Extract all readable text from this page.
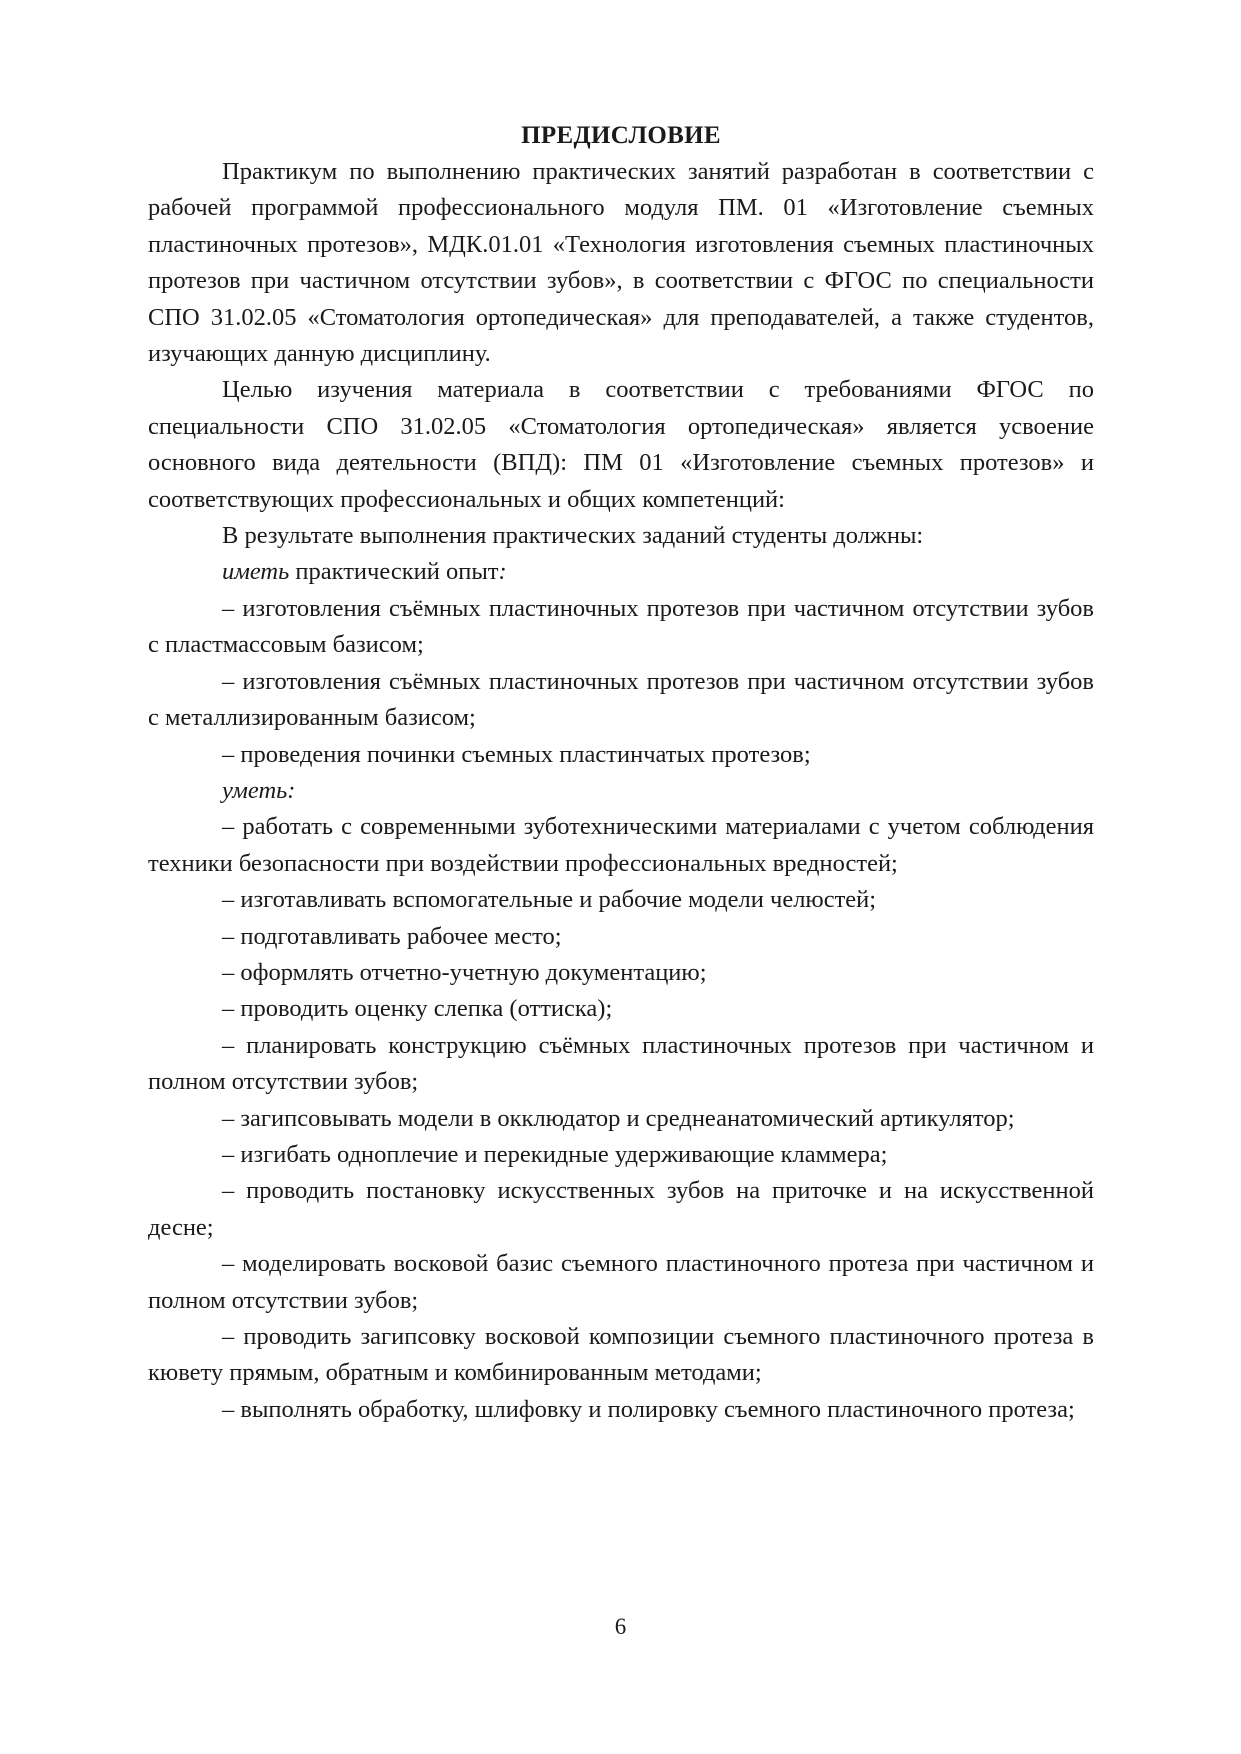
ПРЕДИСЛОВИЕ

Практикум по выполнению практических занятий разработан в соответствии с рабочей программой профессионального модуля ПМ. 01 «Изготовление съемных пластиночных протезов», МДК.01.01 «Технология изготовления съемных пластиночных протезов при частичном отсутствии зубов», в соответствии с ФГОС по специальности СПО 31.02.05 «Стоматология ортопедическая» для преподавателей, а также студентов, изучающих данную дисциплину.

Целью изучения материала в соответствии с требованиями ФГОС по специальности СПО 31.02.05 «Стоматология ортопедическая» является усвоение основного вида деятельности (ВПД): ПМ 01 «Изготовление съемных протезов» и соответствующих профессиональных и общих компетенций:

В результате выполнения практических заданий студенты должны:

иметь практический опыт:

– изготовления съёмных пластиночных протезов при частичном отсутствии зубов с пластмассовым базисом;

– изготовления съёмных пластиночных протезов при частичном отсутствии зубов с металлизированным базисом;

– проведения починки съемных пластинчатых протезов;

уметь:

– работать с современными зуботехническими материалами с учетом соблюдения техники безопасности при воздействии профессиональных вредностей;

– изготавливать вспомогательные и рабочие модели челюстей;

– подготавливать рабочее место;

– оформлять отчетно-учетную документацию;

– проводить оценку слепка (оттиска);

– планировать конструкцию съёмных пластиночных протезов при частичном и полном отсутствии зубов;

– загипсовывать модели в окклюдатор и среднеанатомический артикулятор;

– изгибать одноплечие и перекидные удерживающие кламмера;

– проводить постановку искусственных зубов на приточке и на искусственной десне;

– моделировать восковой базис съемного пластиночного протеза при частичном и полном отсутствии зубов;

– проводить загипсовку восковой композиции съемного пластиночного протеза в кювету прямым, обратным и комбинированным методами;

– выполнять обработку, шлифовку и полировку съемного пластиночного протеза;

6
